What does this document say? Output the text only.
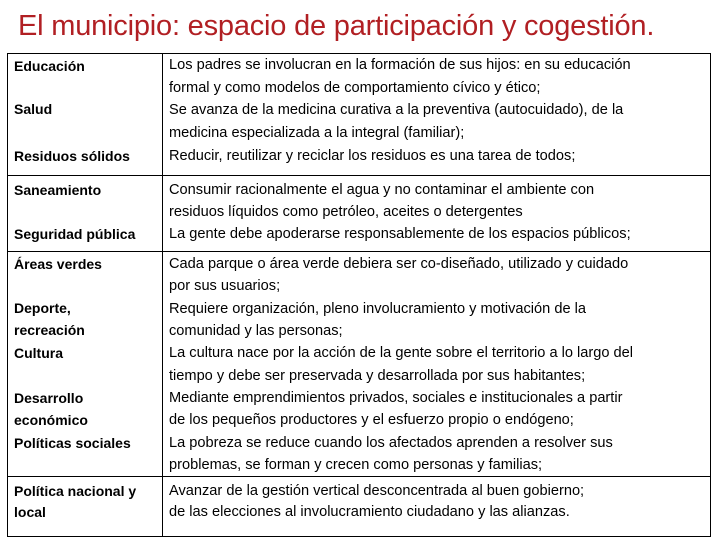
El municipio: espacio de participación y cogestión.
Educación
Salud
Residuos sólidos
Los padres se involucran en la formación de sus hijos: en su educación
formal y como modelos de comportamiento cívico y ético;
Se avanza de la medicina curativa a la preventiva (autocuidado), de la
medicina especializada a la integral (familiar);
Reducir, reutilizar y reciclar los residuos es una tarea de todos;
Saneamiento
Seguridad pública
Consumir racionalmente el agua y no contaminar el ambiente con
residuos líquidos como petróleo, aceites o detergentes
La gente debe apoderarse responsablemente de los espacios públicos;
Áreas verdes
Deporte,
recreación
Cultura
Desarrollo
económico
Políticas sociales
Cada parque o área verde debiera ser co-diseñado, utilizado y cuidado
por sus usuarios;
Requiere organización, pleno involucramiento y motivación de la
comunidad y las personas;
La cultura nace por la acción de la gente sobre el territorio a lo largo del
tiempo y debe ser preservada y desarrollada por sus habitantes;
Mediante emprendimientos privados, sociales e institucionales a partir
de los pequeños productores y el esfuerzo propio o endógeno;
La pobreza se reduce cuando los afectados aprenden a resolver sus
problemas, se forman y crecen como personas y familias;
Política nacional y
local
Avanzar de la gestión vertical desconcentrada al buen gobierno;
de las elecciones al involucramiento ciudadano y las alianzas.
